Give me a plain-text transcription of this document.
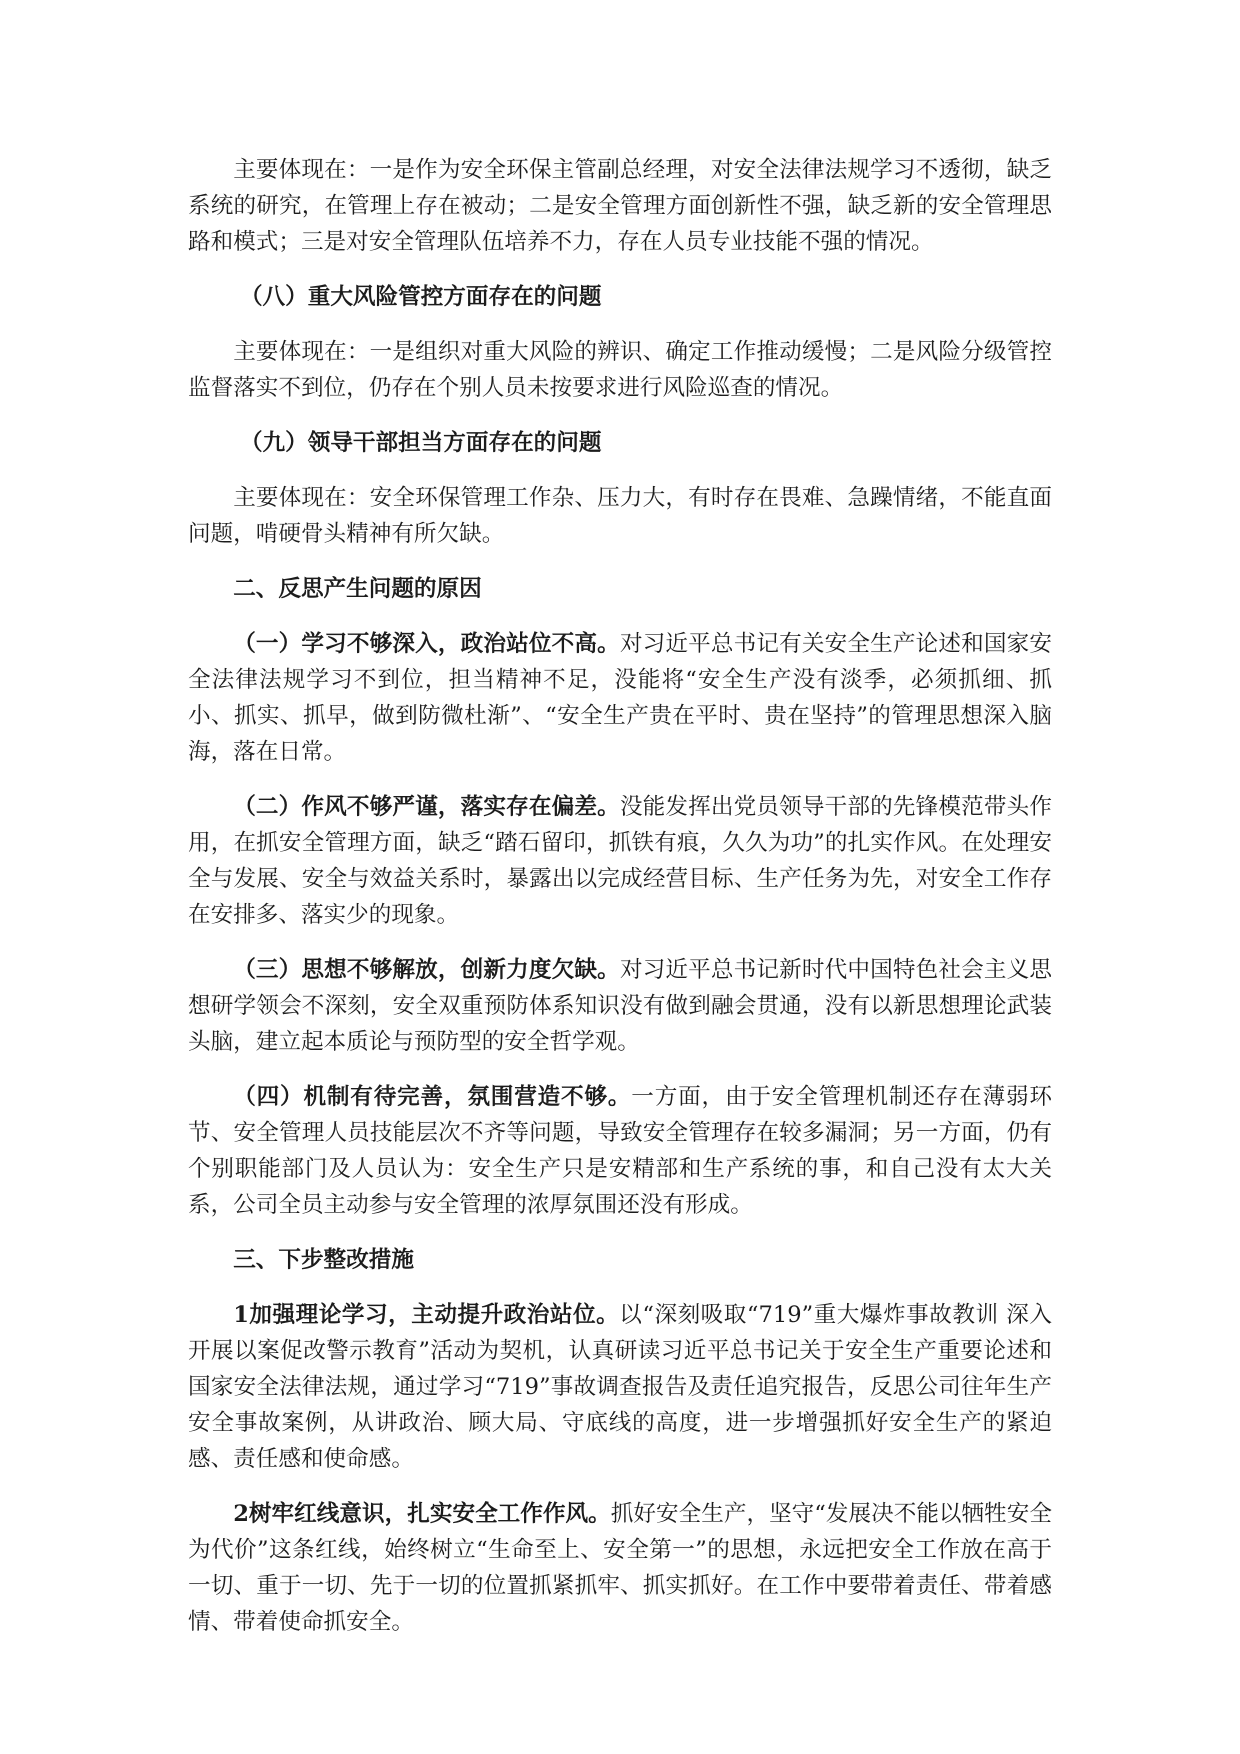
主要体现在：一是作为安全环保主管副总经理，对安全法律法规学习不透彻，缺乏系统的研究，在管理上存在被动；二是安全管理方面创新性不强，缺乏新的安全管理思路和模式；三是对安全管理队伍培养不力，存在人员专业技能不强的情况。

（八）重大风险管控方面存在的问题

主要体现在：一是组织对重大风险的辨识、确定工作推动缓慢；二是风险分级管控监督落实不到位，仍存在个别人员未按要求进行风险巡查的情况。

（九）领导干部担当方面存在的问题

主要体现在：安全环保管理工作杂、压力大，有时存在畏难、急躁情绪，不能直面问题，啃硬骨头精神有所欠缺。

二、反思产生问题的原因

（一）学习不够深入，政治站位不高。对习近平总书记有关安全生产论述和国家安全法律法规学习不到位，担当精神不足，没能将“安全生产没有淡季，必须抓细、抓小、抓实、抓早，做到防微杜渐”、“安全生产贵在平时、贵在坚持”的管理思想深入脑海，落在日常。

（二）作风不够严谨，落实存在偏差。没能发挥出党员领导干部的先锋模范带头作用，在抓安全管理方面，缺乏“踏石留印，抓铁有痕，久久为功”的扎实作风。在处理安全与发展、安全与效益关系时，暴露出以完成经营目标、生产任务为先，对安全工作存在安排多、落实少的现象。

（三）思想不够解放，创新力度欠缺。对习近平总书记新时代中国特色社会主义思想研学领会不深刻，安全双重预防体系知识没有做到融会贯通，没有以新思想理论武装头脑，建立起本质论与预防型的安全哲学观。

（四）机制有待完善，氛围营造不够。一方面，由于安全管理机制还存在薄弱环节、安全管理人员技能层次不齐等问题，导致安全管理存在较多漏洞；另一方面，仍有个别职能部门及人员认为：安全生产只是安精部和生产系统的事，和自己没有太大关系，公司全员主动参与安全管理的浓厚氛围还没有形成。

三、下步整改措施

1加强理论学习，主动提升政治站位。以“深刻吸取“719”重大爆炸事故教训 深入开展以案促改警示教育”活动为契机，认真研读习近平总书记关于安全生产重要论述和国家安全法律法规，通过学习“719”事故调查报告及责任追究报告，反思公司往年生产安全事故案例，从讲政治、顾大局、守底线的高度，进一步增强抓好安全生产的紧迫感、责任感和使命感。

2树牢红线意识，扎实安全工作作风。抓好安全生产，坚守“发展决不能以牺牲安全为代价”这条红线，始终树立“生命至上、安全第一”的思想，永远把安全工作放在高于一切、重于一切、先于一切的位置抓紧抓牢、抓实抓好。在工作中要带着责任、带着感情、带着使命抓安全。
